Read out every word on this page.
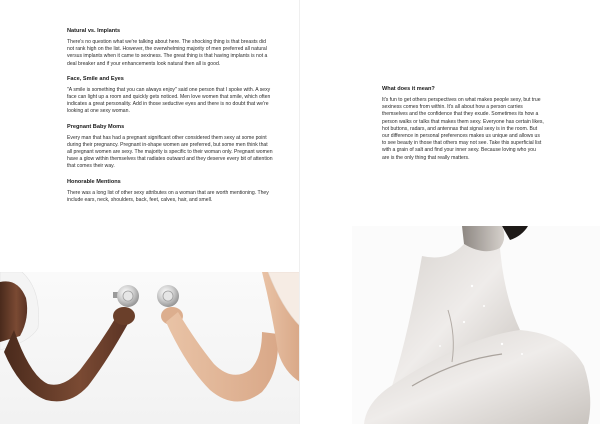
Natural vs. Implants

There's no question what we're talking about here. The shocking thing is that breasts did not rank high on the list. However, the overwhelming majority of men preferred all natural versus implants when it came to sexiness. The great thing is that having implants is not a deal breaker and if your enhancements look natural then all is good.

Face, Smile and Eyes

"A smile is something that you can always enjoy" said one person that I spoke with. A sexy face can light up a room and quickly gets noticed. Men love women that smile, which often indicates a great personality. Add in those seductive eyes and there is no doubt that we're looking at one sexy woman.

Pregnant Baby Moms

Every man that has had a pregnant significant other considered them sexy at some point during their pregnancy. Pregnant in-shape women are preferred, but some men think that all pregnant women are sexy. The majority is specific to their woman only. Pregnant women have a glow within themselves that radiates outward and they deserve every bit of attention that comes their way.

Honorable Mentions

There was a long list of other sexy attributes on a woman that are worth mentioning. They include ears, neck, shoulders, back, feet, calves, hair, and smell.

What does it mean?

It's fun to get others perspectives on what makes people sexy, but true sexiness comes from within. It's all about how a person carries themselves and the confidence that they exude. Sometimes its how a person walks or talks that makes them sexy. Everyone has certain likes, hot buttons, radars, and antennas that signal sexy is in the room. But our difference in personal preferences makes us unique and allows us to see beauty in those that others may not see. Take this superficial list with a grain of salt and find your inner sexy. Because loving who you are is the only thing that really matters.
